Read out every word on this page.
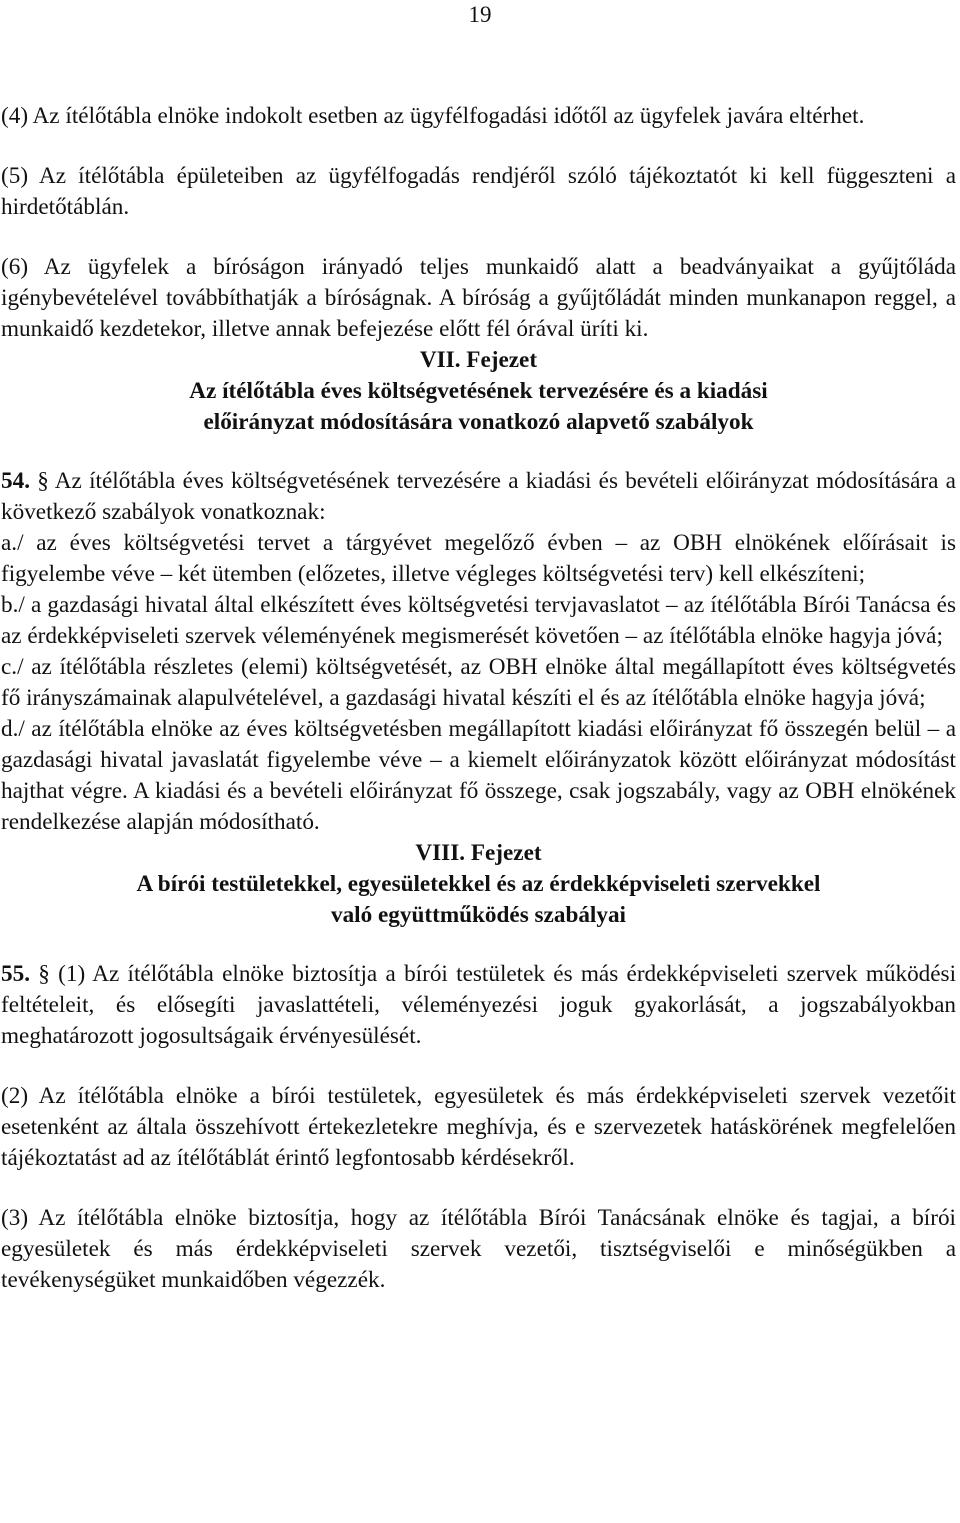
19

(4) Az ítélőtábla elnöke indokolt esetben az ügyfélfogadási időtől az ügyfelek javára eltérhet.

(5) Az ítélőtábla épületeiben az ügyfélfogadás rendjéről szóló tájékoztatót ki kell függeszteni a hirdetőtáblán.

(6) Az ügyfelek a bíróságon irányadó teljes munkaidő alatt a beadványaikat a gyűjtőláda igénybevételével továbbíthatják a bíróságnak. A bíróság a gyűjtőládát minden munkanapon reggel, a munkaidő kezdetekor, illetve annak befejezése előtt fél órával üríti ki.

VII. Fejezet

Az ítélőtábla éves költségvetésének tervezésére és a kiadási

előirányzat módosítására vonatkozó alapvető szabályok

54. § Az ítélőtábla éves költségvetésének tervezésére a kiadási és bevételi előirányzat módosítására a következő szabályok vonatkoznak:

a./ az éves költségvetési tervet a tárgyévet megelőző évben – az OBH elnökének előírásait is figyelembe véve – két ütemben (előzetes, illetve végleges költségvetési terv) kell elkészíteni;

b./ a gazdasági hivatal által elkészített éves költségvetési tervjavaslatot – az ítélőtábla Bírói Tanácsa és az érdekképviseleti szervek véleményének megismerését követően – az ítélőtábla elnöke hagyja jóvá;

c./ az ítélőtábla részletes (elemi) költségvetését, az OBH elnöke által megállapított éves költségvetés fő irányszámainak alapulvételével, a gazdasági hivatal készíti el és az ítélőtábla elnöke hagyja jóvá;

d./ az ítélőtábla elnöke az éves költségvetésben megállapított kiadási előirányzat fő összegén belül – a gazdasági hivatal javaslatát figyelembe véve – a kiemelt előirányzatok között előirányzat módosítást hajthat végre. A kiadási és a bevételi előirányzat fő összege, csak jogszabály, vagy az OBH elnökének rendelkezése alapján módosítható.

VIII. Fejezet

A bírói testületekkel, egyesületekkel és az érdekképviseleti szervekkel

való együttműködés szabályai

55. § (1) Az ítélőtábla elnöke biztosítja a bírói testületek és más érdekképviseleti szervek működési feltételeit, és elősegíti javaslattételi, véleményezési joguk gyakorlását, a jogszabályokban meghatározott jogosultságaik érvényesülését.

(2) Az ítélőtábla elnöke a bírói testületek, egyesületek és más érdekképviseleti szervek vezetőit esetenként az általa összehívott értekezletekre meghívja, és e szervezetek hatáskörének megfelelően tájékoztatást ad az ítélőtáblát érintő legfontosabb kérdésekről.

(3) Az ítélőtábla elnöke biztosítja, hogy az ítélőtábla Bírói Tanácsának elnöke és tagjai, a bírói egyesületek és más érdekképviseleti szervek vezetői, tisztségviselői e minőségükben a tevékenységüket munkaidőben végezzék.
